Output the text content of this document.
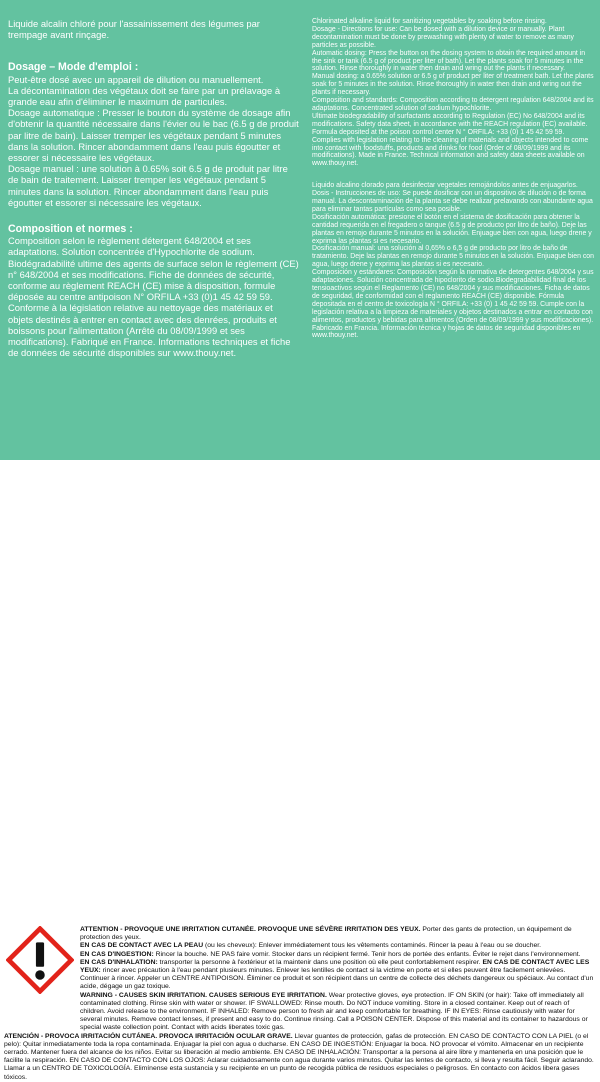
Liquide alcalin chloré pour l'assainissement des légumes par trempage avant rinçage.

Dosage – Mode d'emploi :

Peut-être dosé avec un appareil de dilution ou manuellement.

La décontamination des végétaux doit se faire par un prélavage à grande eau afin d'éliminer le maximum de particules.

Dosage automatique : Presser le bouton du système de dosage afin d'obtenir la quantité nécessaire dans l'évier ou le bac (6.5 g de produit par litre de bain). Laisser tremper les végétaux pendant 5 minutes dans la solution. Rincer abondamment dans l'eau puis égoutter et essorer si nécessaire les végétaux.

Dosage manuel : une solution à 0.65% soit 6.5 g de produit par litre de bain de traitement. Laisser tremper les végétaux pendant 5 minutes dans la solution. Rincer abondamment dans l'eau puis égoutter et essorer si nécessaire les végétaux.

Composition et normes :

Composition selon le règlement détergent 648/2004 et ses adaptations. Solution concentrée d'Hypochlorite de sodium. Biodégradabilité ultime des agents de surface selon le règlement (CE) n° 648/2004 et ses modifications. Fiche de données de sécurité, conforme au règlement REACH (CE) mise à disposition, formule déposée au centre antipoison N° ORFILA +33 (0)1 45 42 59 59. Conforme à la législation relative au nettoyage des matériaux et objets destinés à entrer en contact avec des denrées, produits et boissons pour l'alimentation (Arrêté du 08/09/1999 et ses modifications). Fabriqué en France. Informations techniques et fiche de données de sécurité disponibles sur www.thouy.net.

Chlorinated alkaline liquid for sanitizing vegetables by soaking before rinsing.

Dosage - Directions for use: Can be dosed with a dilution device or manually. Plant decontamination must be done by prewashing with plenty of water to remove as many particles as possible.

Automatic dosing: Press the button on the dosing system to obtain the required amount in the sink or tank (6.5 g of product per liter of bath). Let the plants soak for 5 minutes in the solution. Rinse thoroughly in water then drain and wring out the plants if necessary.

Manual dosing: a 0.65% solution or 6.5 g of product per liter of treatment bath. Let the plants soak for 5 minutes in the solution. Rinse thoroughly in water then drain and wring out the plants if necessary.

Composition and standards: Composition according to detergent regulation 648/2004 and its adaptations. Concentrated solution of sodium hypochlorite.

Ultimate biodegradability of surfactants according to Regulation (EC) No 648/2004 and its modifications. Safety data sheet, in accordance with the REACH regulation (EC) available. Formula deposited at the poison control center N ° ORFILA: +33 (0) 1 45 42 59 59. Complies with legislation relating to the cleaning of materials and objects intended to come into contact with foodstuffs, products and drinks for food (Order of 08/09/1999 and its modifications). Made in France. Technical information and safety data sheets available on www.thouy.net.

Liquido alcalino clorado para desinfectar vegetales remojándolos antes de enjuagarlos.

Dosis - Instrucciones de uso: Se puede dosificar con un dispositivo de dilución o de forma manual. La descontaminación de la planta se debe realizar prelavando con abundante agua para eliminar tantas partículas como sea posible.

Dosificación automática: presione el botón en el sistema de dosificación para obtener la cantidad requerida en el fregadero o tanque (6.5 g de producto por litro de baño). Deje las plantas en remojo durante 5 minutos en la solución. Enjuague bien con agua, luego drene y exprima las plantas si es necesario.

Dosificación manual: una solución al 0,65% o 6,5 g de producto por litro de baño de tratamiento. Deje las plantas en remojo durante 5 minutos en la solución. Enjuague bien con agua, luego drene y exprima las plantas si es necesario.

Composición y estándares: Composición según la normativa de detergentes 648/2004 y sus adaptaciones. Solución concentrada de hipoclorito de sodio.Biodegradabilidad final de los tensioactivos según el Reglamento (CE) no 648/2004 y sus modificaciones. Ficha de datos de seguridad, de conformidad con el reglamento REACH (CE) disponible. Fórmula depositada en el centro de toxicología N ° ORFILA: +33 (0) 1 45 42 59 59. Cumple con la legislación relativa a la limpieza de materiales y objetos destinados a entrar en contacto con alimentos, productos y bebidas para alimentos (Orden de 08/09/1999 y sus modificaciones).

Fabricado en Francia. Información técnica y hojas de datos de seguridad disponibles en www.thouy.net.

ATTENTION - PROVOQUE UNE IRRITATION CUTANÉE. PROVOQUE UNE SÉVÈRE IRRITATION DES YEUX. Porter des gants de protection, un équipement de protection des yeux.
EN CAS DE CONTACT AVEC LA PEAU (ou les cheveux): Enlever immédiatement tous les vêtements contaminés. Rincer la peau à l'eau ou se doucher.
EN CAS D'INGESTION: Rincer la bouche. NE PAS faire vomir. Stocker dans un récipient fermé. Tenir hors de portée des enfants. Éviter le rejet dans l'environnement.
EN CAS D'INHALATION: transporter la personne à l'extérieur et la maintenir dans une position où elle peut confortablement respirer. EN CAS DE CONTACT AVEC LES YEUX: rincer avec précaution à l'eau pendant plusieurs minutes. Enlever les lentilles de contact si la victime en porte et si elles peuvent être facilement enlevées. Continuer à rincer. Appeler un CENTRE ANTIPOISON. Éliminer ce produit et son récipient dans un centre de collecte des déchets dangereux ou spéciaux. Au contact d'un acide, dégage un gaz toxique.
WARNING - CAUSES SKIN IRRITATION. CAUSES SERIOUS EYE IRRITATION. Wear protective gloves, eye protection. IF ON SKIN (or hair): Take off immediately all contaminated clothing. Rinse skin with water or shower. IF SWALLOWED: Rinse mouth. Do NOT induce vomiting. Store in a closed container. Keep out of reach of children. Avoid release to the environment. IF INHALED: Remove person to fresh air and keep comfortable for breathing. IF IN EYES: Rinse cautiously with water for several minutes. Remove contact lenses, if present and easy to do. Continue rinsing. Call a POISON CENTER. Dispose of this material and its container to hazardous or special waste collection point. Contact with acids liberates toxic gas.
ATENCIÓN - PROVOCA IRRITACIÓN CUTÁNEA. PROVOCA IRRITACIÓN OCULAR GRAVE. Llevar guantes de protección, gafas de protección. EN CASO DE CONTACTO CON LA PIEL (o el pelo): Quitar inmediatamente toda la ropa contaminada. Enjuagar la piel con agua o ducharse. EN CASO DE INGESTIÓN: Enjuagar la boca. NO provocar el vómito. Almacenar en un recipiente cerrado. Mantener fuera del alcance de los niños. Evitar su liberación al medio ambiente. EN CASO DE INHALACIÓN: Transportar a la persona al aire libre y mantenerla en una posición que le facilite la respiración. EN CASO DE CONTACTO CON LOS OJOS: Aclarar cuidadosamente con agua durante varios minutos. Quitar las lentes de contacto, si lleva y resulta fácil. Seguir aclarando. Llamar a un CENTRO DE TOXICOLOGÍA. Elimínense esta sustancia y su recipiente en un punto de recogida pública de residuos especiales o peligrosos. En contacto con ácidos libera gases tóxicos.
